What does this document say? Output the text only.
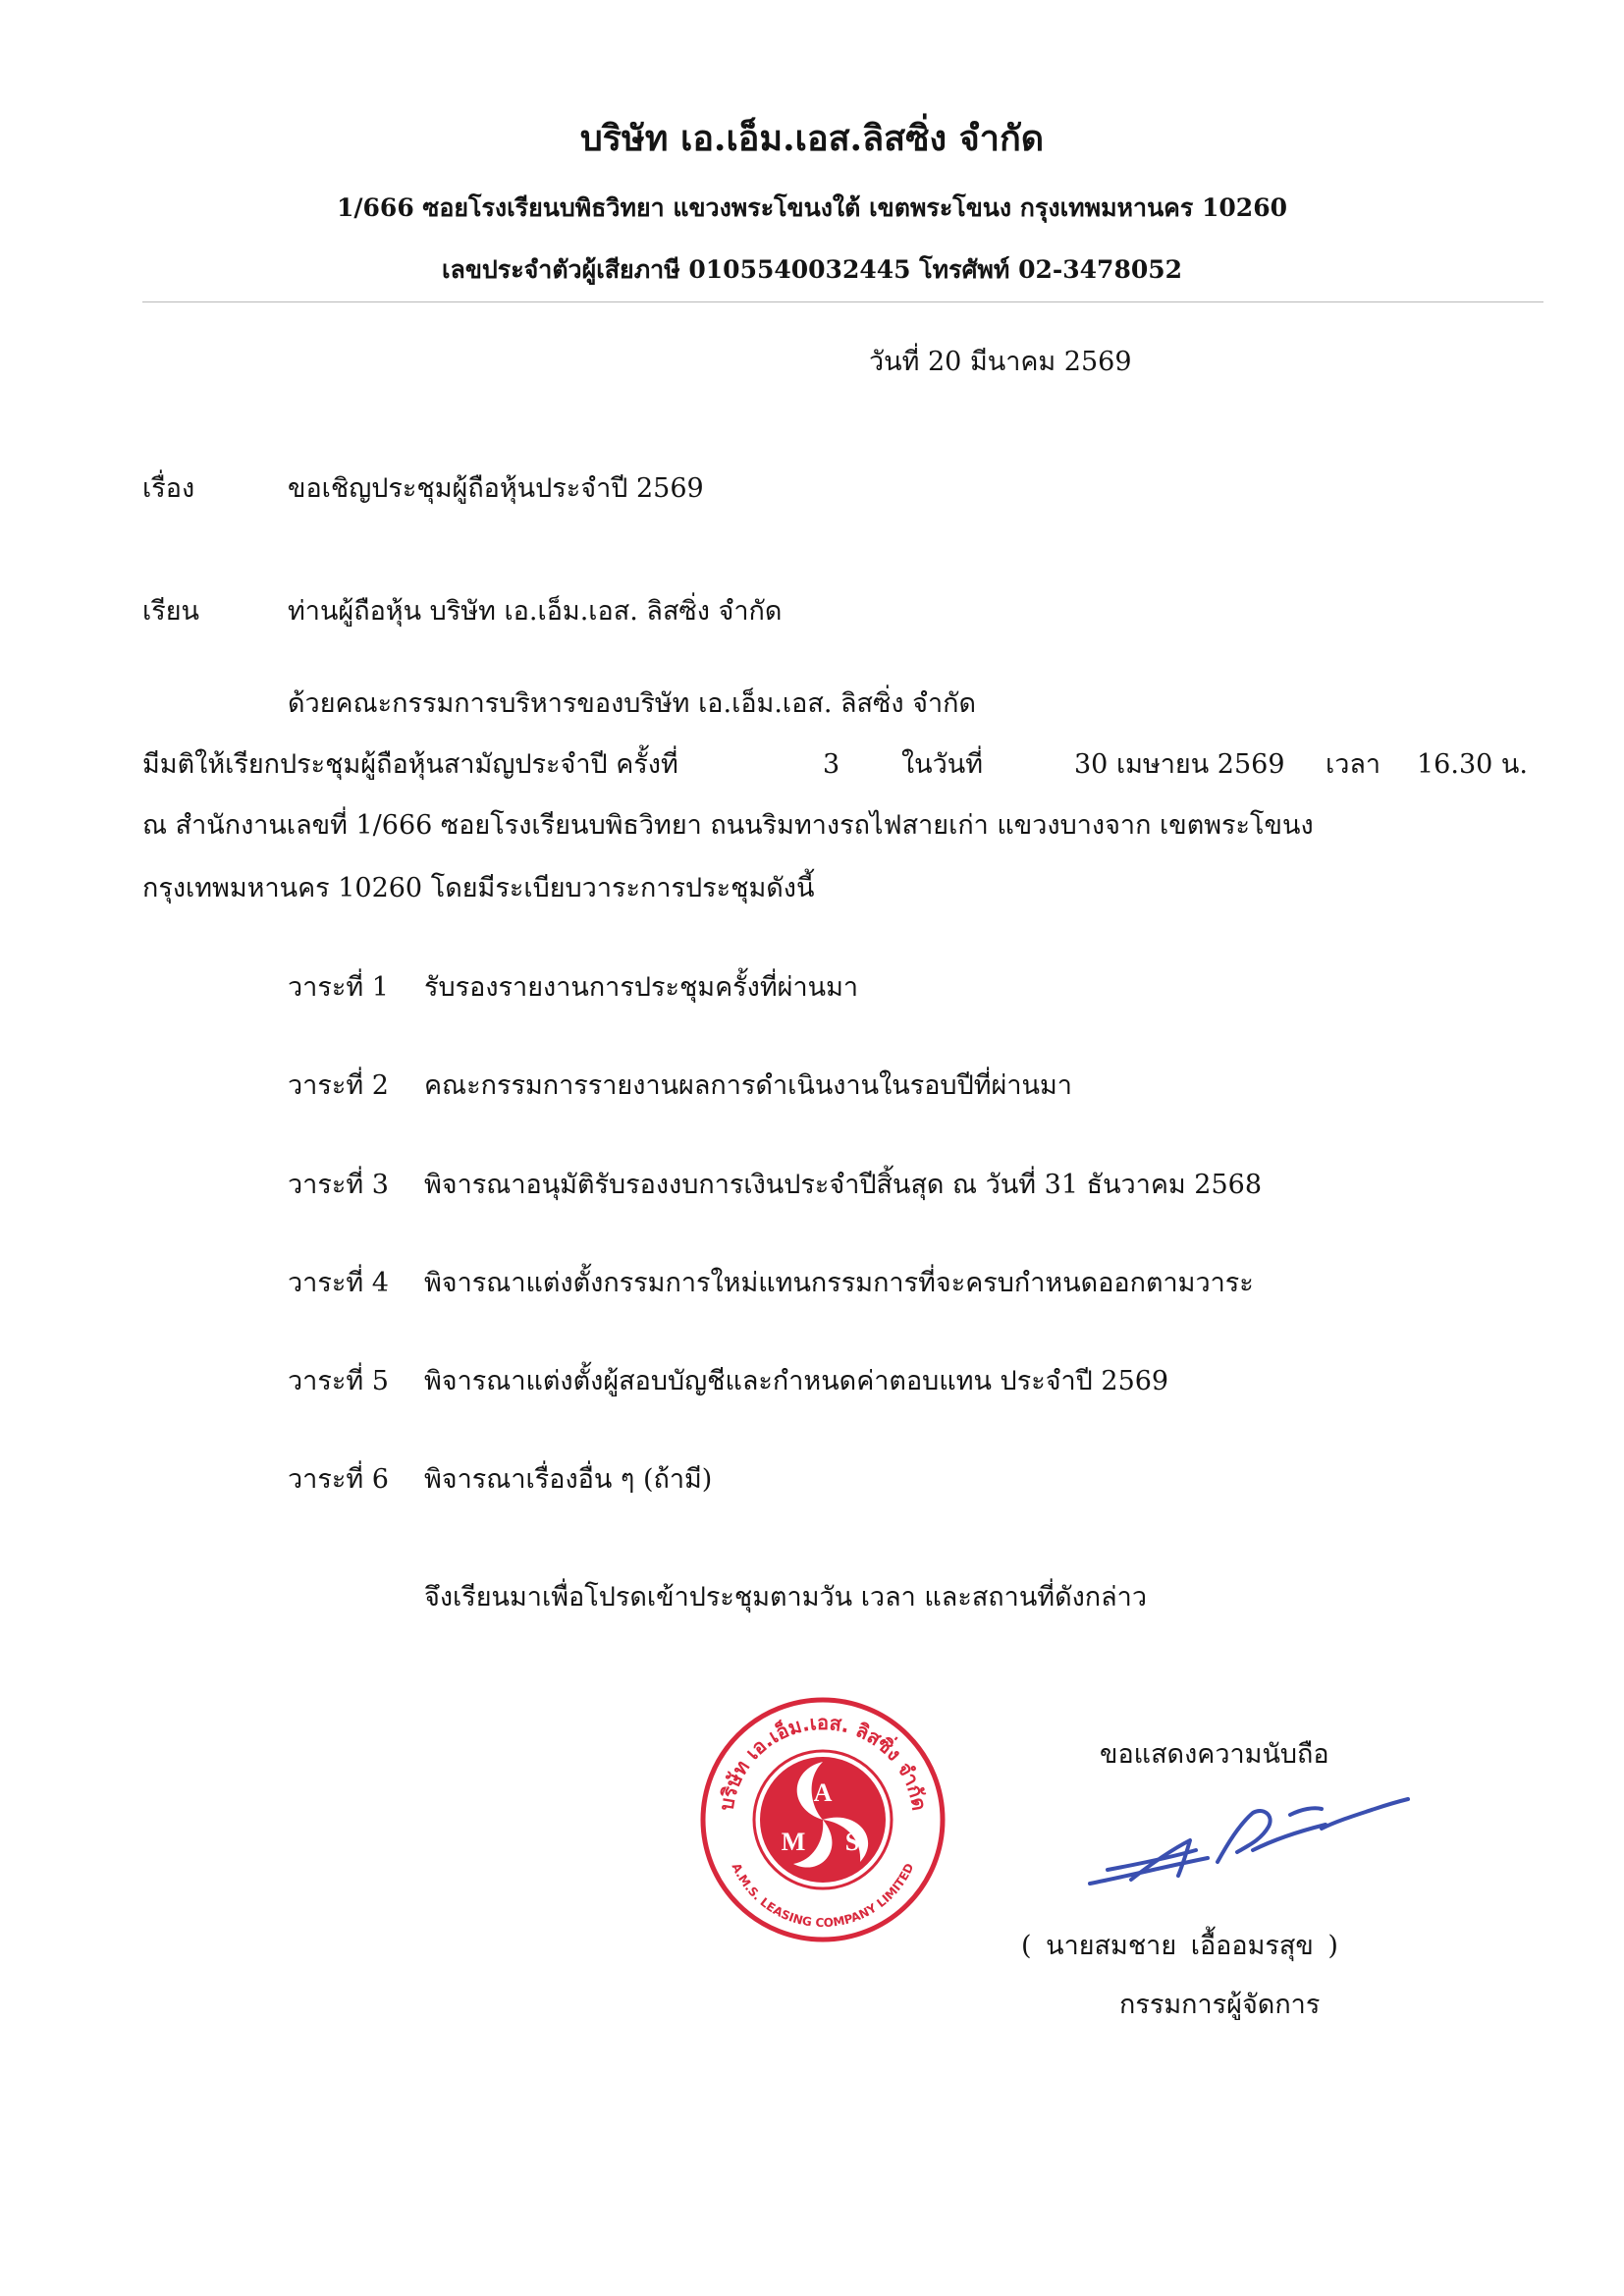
บริษัท เอ.เอ็ม.เอส.ลิสซิ่ง จำกัด
1/666 ซอยโรงเรียนบพิธวิทยา แขวงพระโขนงใต้ เขตพระโขนง กรุงเทพมหานคร 10260
เลขประจำตัวผู้เสียภาษี 0105540032445 โทรศัพท์ 02-3478052
วันที่ 20 มีนาคม 2569
เรื่อง	ขอเชิญประชุมผู้ถือหุ้นประจำปี 2569
เรียน	ท่านผู้ถือหุ้น บริษัท เอ.เอ็ม.เอส. ลิสซิ่ง จำกัด
ด้วยคณะกรรมการบริหารของบริษัท เอ.เอ็ม.เอส. ลิสซิ่ง จำกัด
มีมติให้เรียกประชุมผู้ถือหุ้นสามัญประจำปี ครั้งที่	3 ในวันที่	30 เมษายน 2569 เวลา 16.30 น.
ณ สำนักงานเลขที่ 1/666 ซอยโรงเรียนบพิธวิทยา ถนนริมทางรถไฟสายเก่า แขวงบางจาก เขตพระโขนง
กรุงเทพมหานคร 10260 โดยมีระเบียบวาระการประชุมดังนี้
วาระที่ 1 รับรองรายงานการประชุมครั้งที่ผ่านมา
วาระที่ 2 คณะกรรมการรายงานผลการดำเนินงานในรอบปีที่ผ่านมา
วาระที่ 3 พิจารณาอนุมัติรับรองงบการเงินประจำปีสิ้นสุด ณ วันที่ 31 ธันวาคม 2568
วาระที่ 4 พิจารณาแต่งตั้งกรรมการใหม่แทนกรรมการที่จะครบกำหนดออกตามวาระ
วาระที่ 5 พิจารณาแต่งตั้งผู้สอบบัญชีและกำหนดค่าตอบแทน ประจำปี 2569
วาระที่ 6 พิจารณาเรื่องอื่น ๆ (ถ้ามี)
จึงเรียนมาเพื่อโปรดเข้าประชุมตามวัน เวลา และสถานที่ดังกล่าว
ขอแสดงความนับถือ
บริษัท เอ.เอ็ม.เอส. ลิสซิ่ง จำกัด
A.M.S. LEASING COMPANY LIMITED
A
M S
( นายสมชาย เอื้ออมรสุข )
กรรมการผู้จัดการ
